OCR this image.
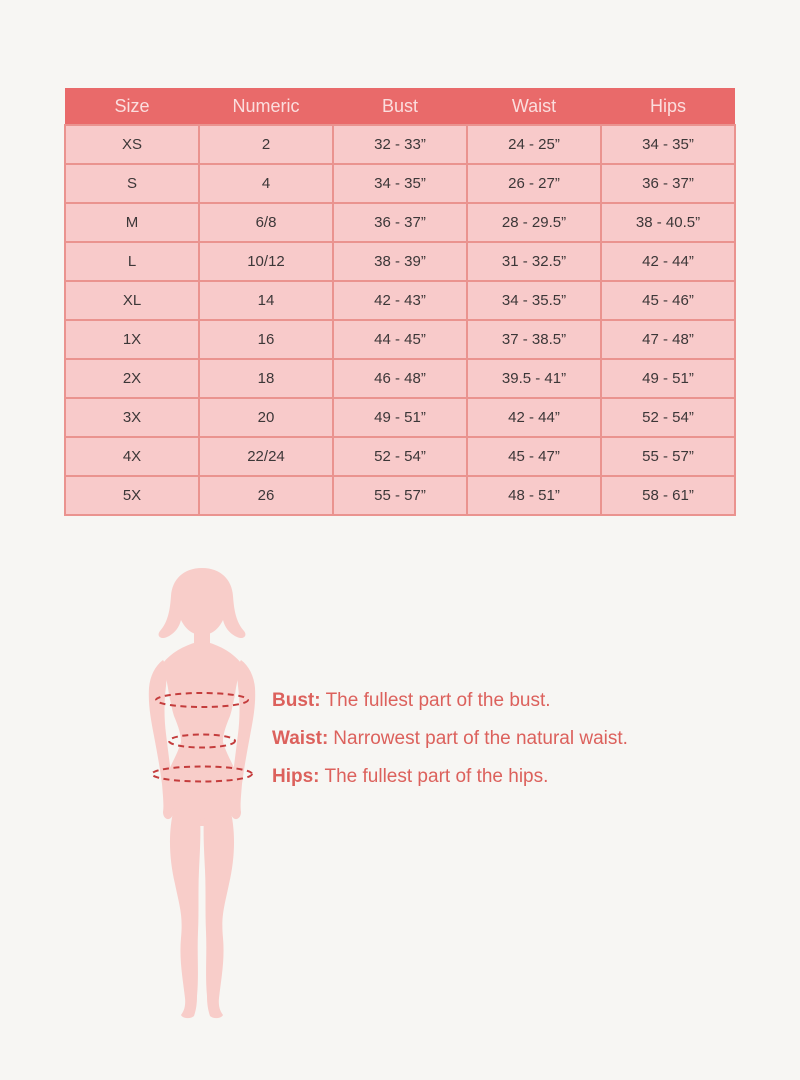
Size	Numeric	Bust	Waist	Hips
XS	2	32 - 33”	24 - 25”	34 - 35”
S	4	34 - 35”	26 - 27”	36 - 37”
M	6/8	36 - 37”	28 - 29.5”	38 - 40.5”
L	10/12	38 - 39”	31 - 32.5”	42 - 44”
XL	14	42 - 43”	34 - 35.5”	45 - 46”
1X	16	44 - 45”	37 - 38.5”	47 - 48”
2X	18	46 - 48”	39.5 - 41”	49 - 51”
3X	20	49 - 51”	42 - 44”	52 - 54”
4X	22/24	52 - 54”	45 - 47”	55 - 57”
5X	26	55 - 57”	48 - 51”	58 - 61”

Bust: The fullest part of the bust.

Waist: Narrowest part of the natural waist.

Hips: The fullest part of the hips.
